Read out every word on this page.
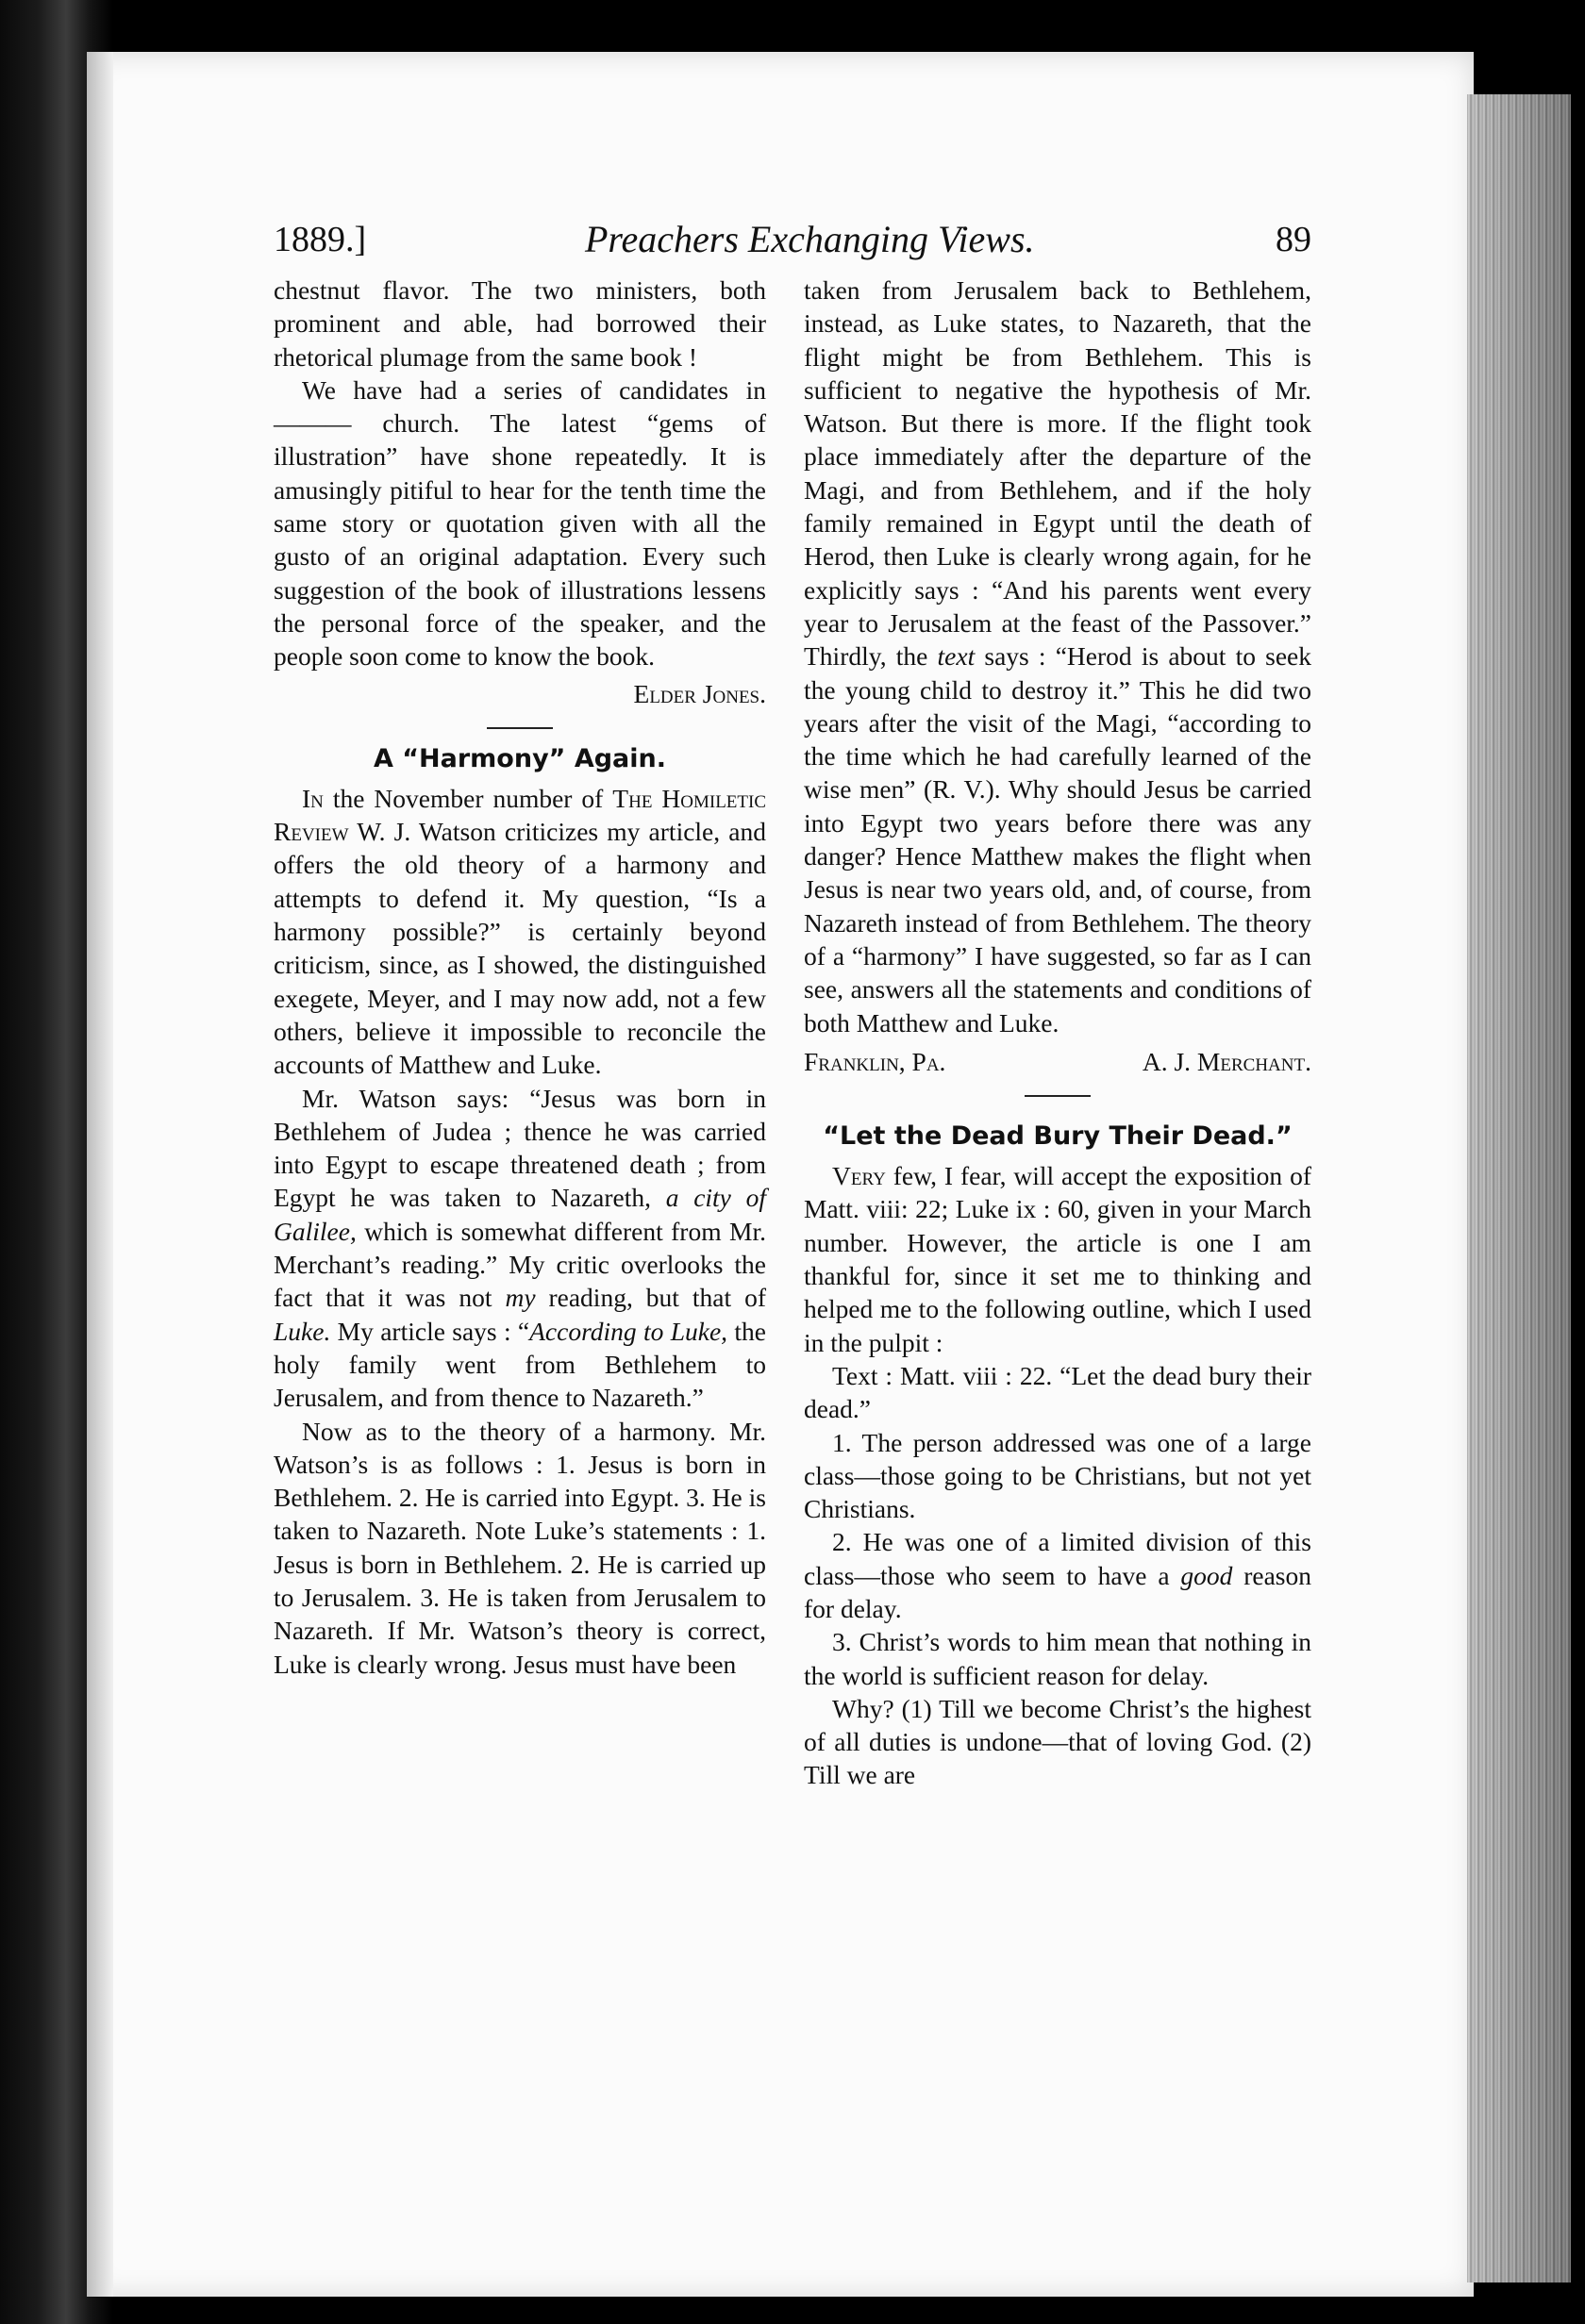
1889.]	Preachers Exchanging Views.	89

chestnut flavor. The two ministers, both prominent and able, had borrowed their rhetorical plumage from the same book !

We have had a series of candidates in ——— church. The latest “gems of illustration” have shone repeatedly. It is amusingly pitiful to hear for the tenth time the same story or quotation given with all the gusto of an original adaptation. Every such suggestion of the book of illustrations lessens the personal force of the speaker, and the people soon come to know the book.

Elder Jones.

A “Harmony” Again.

In the November number of The Homiletic Review W. J. Watson criticizes my article, and offers the old theory of a harmony and attempts to defend it. My question, “Is a harmony possible?” is certainly beyond criticism, since, as I showed, the distinguished exegete, Meyer, and I may now add, not a few others, believe it impossible to reconcile the accounts of Matthew and Luke.

Mr. Watson says: “Jesus was born in Bethlehem of Judea ; thence he was carried into Egypt to escape threatened death ; from Egypt he was taken to Nazareth, a city of Galilee, which is somewhat different from Mr. Merchant’s reading.” My critic overlooks the fact that it was not my reading, but that of Luke. My article says : “According to Luke, the holy family went from Bethlehem to Jerusalem, and from thence to Nazareth.”

Now as to the theory of a harmony. Mr. Watson’s is as follows : 1. Jesus is born in Bethlehem. 2. He is carried into Egypt. 3. He is taken to Nazareth. Note Luke’s statements : 1. Jesus is born in Bethlehem. 2. He is carried up to Jerusalem. 3. He is taken from Jerusalem to Nazareth. If Mr. Watson’s theory is correct, Luke is clearly wrong. Jesus must have been

taken from Jerusalem back to Bethlehem, instead, as Luke states, to Nazareth, that the flight might be from Bethlehem. This is sufficient to negative the hypothesis of Mr. Watson. But there is more. If the flight took place immediately after the departure of the Magi, and from Bethlehem, and if the holy family remained in Egypt until the death of Herod, then Luke is clearly wrong again, for he explicitly says : “And his parents went every year to Jerusalem at the feast of the Passover.” Thirdly, the text says : “Herod is about to seek the young child to destroy it.” This he did two years after the visit of the Magi, “according to the time which he had carefully learned of the wise men” (R. V.). Why should Jesus be carried into Egypt two years before there was any danger? Hence Matthew makes the flight when Jesus is near two years old, and, of course, from Nazareth instead of from Bethlehem. The theory of a “harmony” I have suggested, so far as I can see, answers all the statements and conditions of both Matthew and Luke.

Franklin, Pa.	A. J. Merchant.

“Let the Dead Bury Their Dead.”

Very few, I fear, will accept the exposition of Matt. viii: 22; Luke ix : 60, given in your March number. However, the article is one I am thankful for, since it set me to thinking and helped me to the following outline, which I used in the pulpit :

Text : Matt. viii : 22. “Let the dead bury their dead.”

1. The person addressed was one of a large class—those going to be Christians, but not yet Christians.

2. He was one of a limited division of this class—those who seem to have a good reason for delay.

3. Christ’s words to him mean that nothing in the world is sufficient reason for delay.

Why? (1) Till we become Christ’s the highest of all duties is undone—that of loving God. (2) Till we are
